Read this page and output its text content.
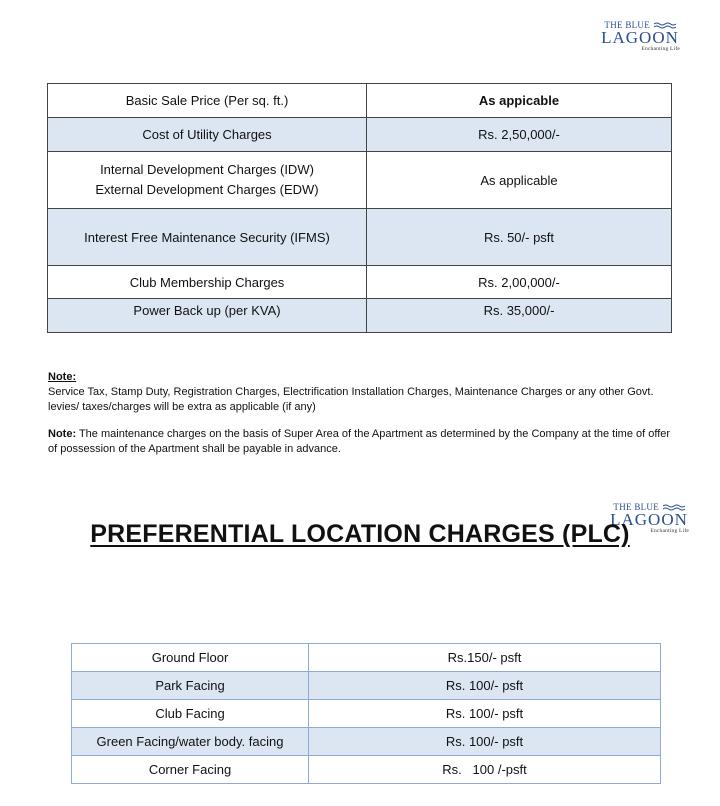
THE BLUE
LAGOON
Enchanting Life
Basic Sale Price (Per sq. ft.)	As appicable
Cost of Utility Charges	Rs. 2,50,000/-

Internal Development Charges (IDW)
External Development Charges (EDW)	As applicable
Interest Free Maintenance Security (IFMS)	Rs. 50/- psft
Club Membership Charges	Rs. 2,00,000/-
Power Back up (per KVA)	Rs. 35,000/-
Note:
Service Tax, Stamp Duty, Registration Charges, Electrification Installation Charges, Maintenance Charges or any other Govt. levies/ taxes/charges will be extra as applicable (if any)
Note: The maintenance charges on the basis of Super Area of the Apartment as determined by the Company at the time of offer of possession of the Apartment shall be payable in advance.
THE BLUE
LAGOON
Enchanting Life
PREFERENTIAL LOCATION CHARGES (PLC)
Ground Floor	Rs.150/- psft
Park Facing	Rs. 100/- psft
Club Facing	Rs. 100/- psft
Green Facing/water body. facing	Rs. 100/- psft
Corner Facing	Rs.   100 /-psft
